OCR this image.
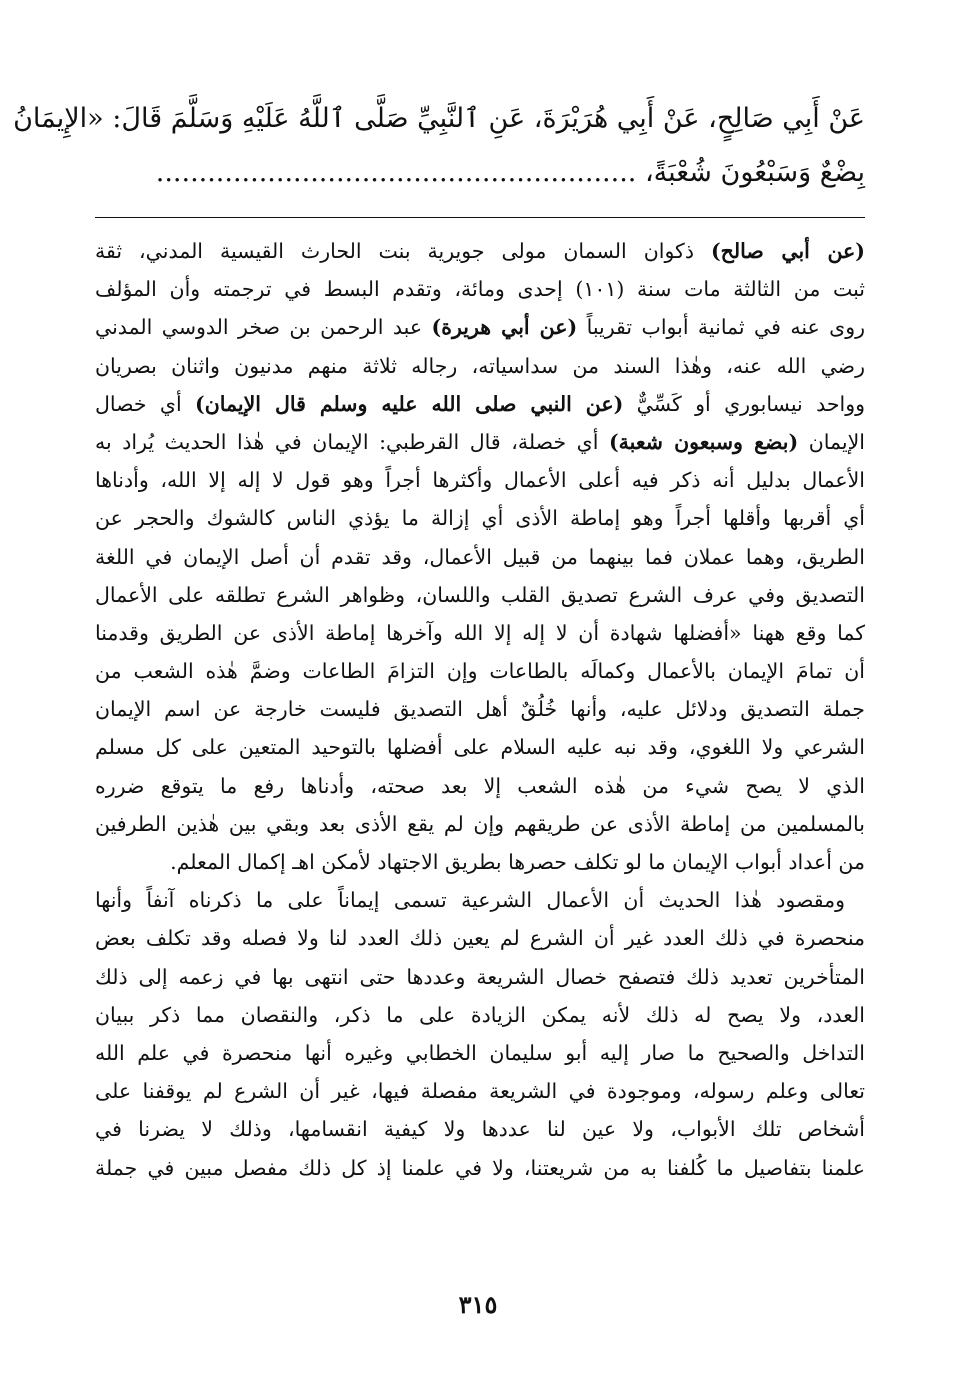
عَنْ أَبِي صَالِحٍ، عَنْ أَبِي هُرَيْرَةَ، عَنِ ٱلنَّبِيِّ صَلَّى ٱللَّهُ عَلَيْهِ وَسَلَّمَ قَالَ: «الإِيمَانُ
بِضْعٌ وَسَبْعُونَ شُعْبَةً، ........................................................
(عن أبي صالح) ذكوان السمان مولى جويرية بنت الحارث القيسية المدني، ثقة
ثبت من الثالثة مات سنة (١٠١) إحدى ومائة، وتقدم البسط في ترجمته وأن المؤلف
روى عنه في ثمانية أبواب تقريباً (عن أبي هريرة) عبد الرحمن بن صخر الدوسي المدني
رضي الله عنه، وهٰذا السند من سداسياته، رجاله ثلاثة منهم مدنيون واثنان بصريان
وواحد نيسابوري أو كَسِّيٌّ (عن النبي صلى الله عليه وسلم قال الإيمان) أي خصال
الإيمان (بضع وسبعون شعبة) أي خصلة، قال القرطبي: الإيمان في هٰذا الحديث يُراد به
الأعمال بدليل أنه ذكر فيه أعلى الأعمال وأكثرها أجراً وهو قول لا إله إلا الله، وأدناها
أي أقربها وأقلها أجراً وهو إماطة الأذى أي إزالة ما يؤذي الناس كالشوك والحجر عن
الطريق، وهما عملان فما بينهما من قبيل الأعمال، وقد تقدم أن أصل الإيمان في اللغة
التصديق وفي عرف الشرع تصديق القلب واللسان، وظواهر الشرع تطلقه على الأعمال
كما وقع ههنا «أفضلها شهادة أن لا إله إلا الله وآخرها إماطة الأذى عن الطريق وقدمنا
أن تمامَ الإيمان بالأعمال وكمالَه بالطاعات وإن التزامَ الطاعات وضمَّ هٰذه الشعب من
جملة التصديق ودلائل عليه، وأنها خُلُقٌ أهل التصديق فليست خارجة عن اسم الإيمان
الشرعي ولا اللغوي، وقد نبه عليه السلام على أفضلها بالتوحيد المتعين على كل مسلم
الذي لا يصح شيء من هٰذه الشعب إلا بعد صحته، وأدناها رفع ما يتوقع ضرره
بالمسلمين من إماطة الأذى عن طريقهم وإن لم يقع الأذى بعد وبقي بين هٰذين الطرفين
من أعداد أبواب الإيمان ما لو تكلف حصرها بطريق الاجتهاد لأمكن اهـ إكمال المعلم.
ومقصود هٰذا الحديث أن الأعمال الشرعية تسمى إيماناً على ما ذكرناه آنفاً وأنها
منحصرة في ذلك العدد غير أن الشرع لم يعين ذلك العدد لنا ولا فصله وقد تكلف بعض
المتأخرين تعديد ذلك فتصفح خصال الشريعة وعددها حتى انتهى بها في زعمه إلى ذلك
العدد، ولا يصح له ذلك لأنه يمكن الزيادة على ما ذكر، والنقصان مما ذكر ببيان
التداخل والصحيح ما صار إليه أبو سليمان الخطابي وغيره أنها منحصرة في علم الله
تعالى وعلم رسوله، وموجودة في الشريعة مفصلة فيها، غير أن الشرع لم يوقفنا على
أشخاص تلك الأبواب، ولا عين لنا عددها ولا كيفية انقسامها، وذلك لا يضرنا في
علمنا بتفاصيل ما كُلفنا به من شريعتنا، ولا في علمنا إذ كل ذلك مفصل مبين في جملة
٣١٥
